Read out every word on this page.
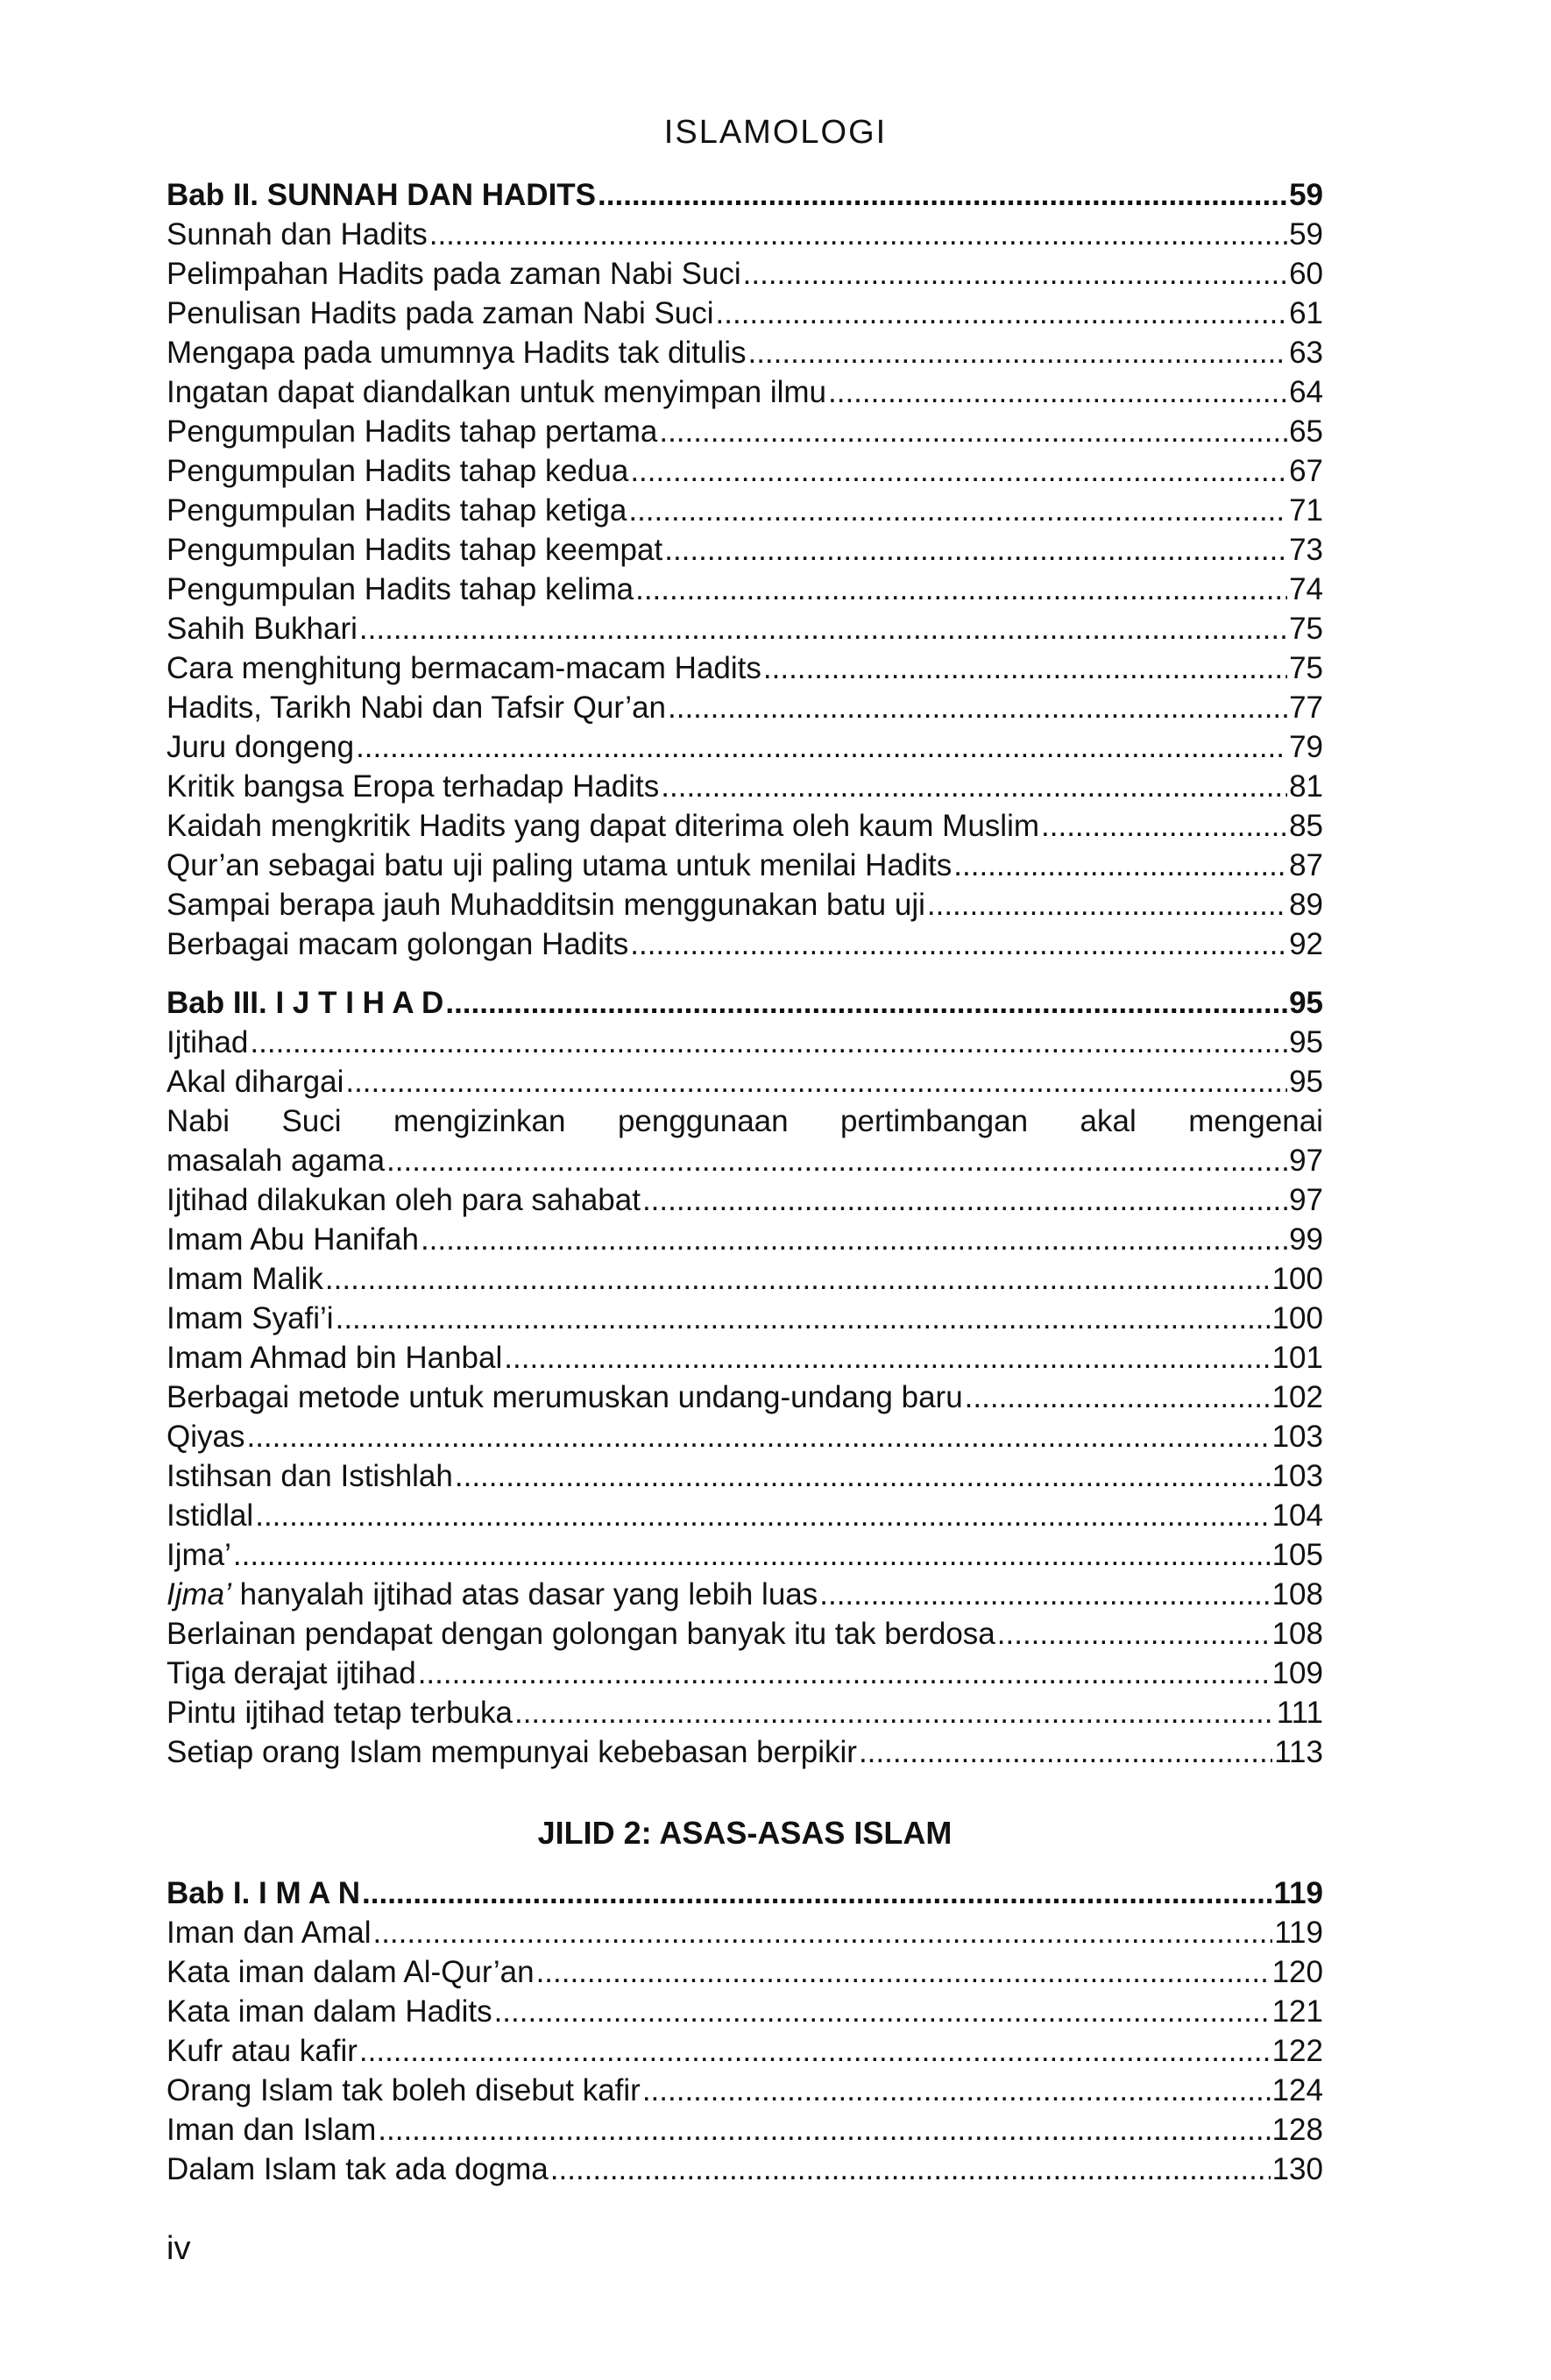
ISLAMOLOGI
Bab II. SUNNAH DAN HADITS .....	59
Sunnah dan Hadits .....	59
Pelimpahan Hadits pada zaman Nabi Suci .....	60
Penulisan Hadits pada zaman Nabi Suci .....	61
Mengapa pada umumnya Hadits tak ditulis .....	63
Ingatan dapat diandalkan untuk menyimpan ilmu .....	64
Pengumpulan Hadits tahap pertama .....	65
Pengumpulan Hadits tahap kedua .....	67
Pengumpulan Hadits tahap ketiga .....	71
Pengumpulan Hadits tahap keempat .....	73
Pengumpulan Hadits tahap kelima .....	74
Sahih Bukhari .....	75
Cara menghitung bermacam-macam Hadits .....	75
Hadits, Tarikh Nabi dan Tafsir Qur’an .....	77
Juru dongeng .....	79
Kritik bangsa Eropa terhadap Hadits .....	81
Kaidah mengkritik Hadits yang dapat diterima oleh kaum Muslim .....	85
Qur’an sebagai batu uji paling utama untuk menilai Hadits .....	87
Sampai berapa jauh Muhadditsin menggunakan batu uji .....	89
Berbagai macam golongan Hadits .....	92
Bab III. I J T I H A D .....	95
Ijtihad .....	95
Akal dihargai .....	95
Nabi Suci mengizinkan penggunaan pertimbangan akal mengenai
masalah agama .....	97
Ijtihad dilakukan oleh para sahabat .....	97
Imam Abu Hanifah .....	99
Imam Malik .....	100
Imam Syafi’i .....	100
Imam Ahmad bin Hanbal .....	101
Berbagai metode untuk merumuskan undang-undang baru .....	102
Qiyas .....	103
Istihsan dan Istishlah .....	103
Istidlal .....	104
Ijma’ .....	105
Ijma’ hanyalah ijtihad atas dasar yang lebih luas .....	108
Berlainan pendapat dengan golongan banyak itu tak berdosa .....	108
Tiga derajat ijtihad .....	109
Pintu ijtihad tetap terbuka .....	111
Setiap orang Islam mempunyai kebebasan berpikir .....	113
JILID 2: ASAS-ASAS ISLAM
Bab I. I M A N .....	119
Iman dan Amal .....	119
Kata iman dalam Al-Qur’an .....	120
Kata iman dalam Hadits .....	121
Kufr atau kafir .....	122
Orang Islam tak boleh disebut kafir .....	124
Iman dan Islam .....	128
Dalam Islam tak ada dogma .....	130
iv
